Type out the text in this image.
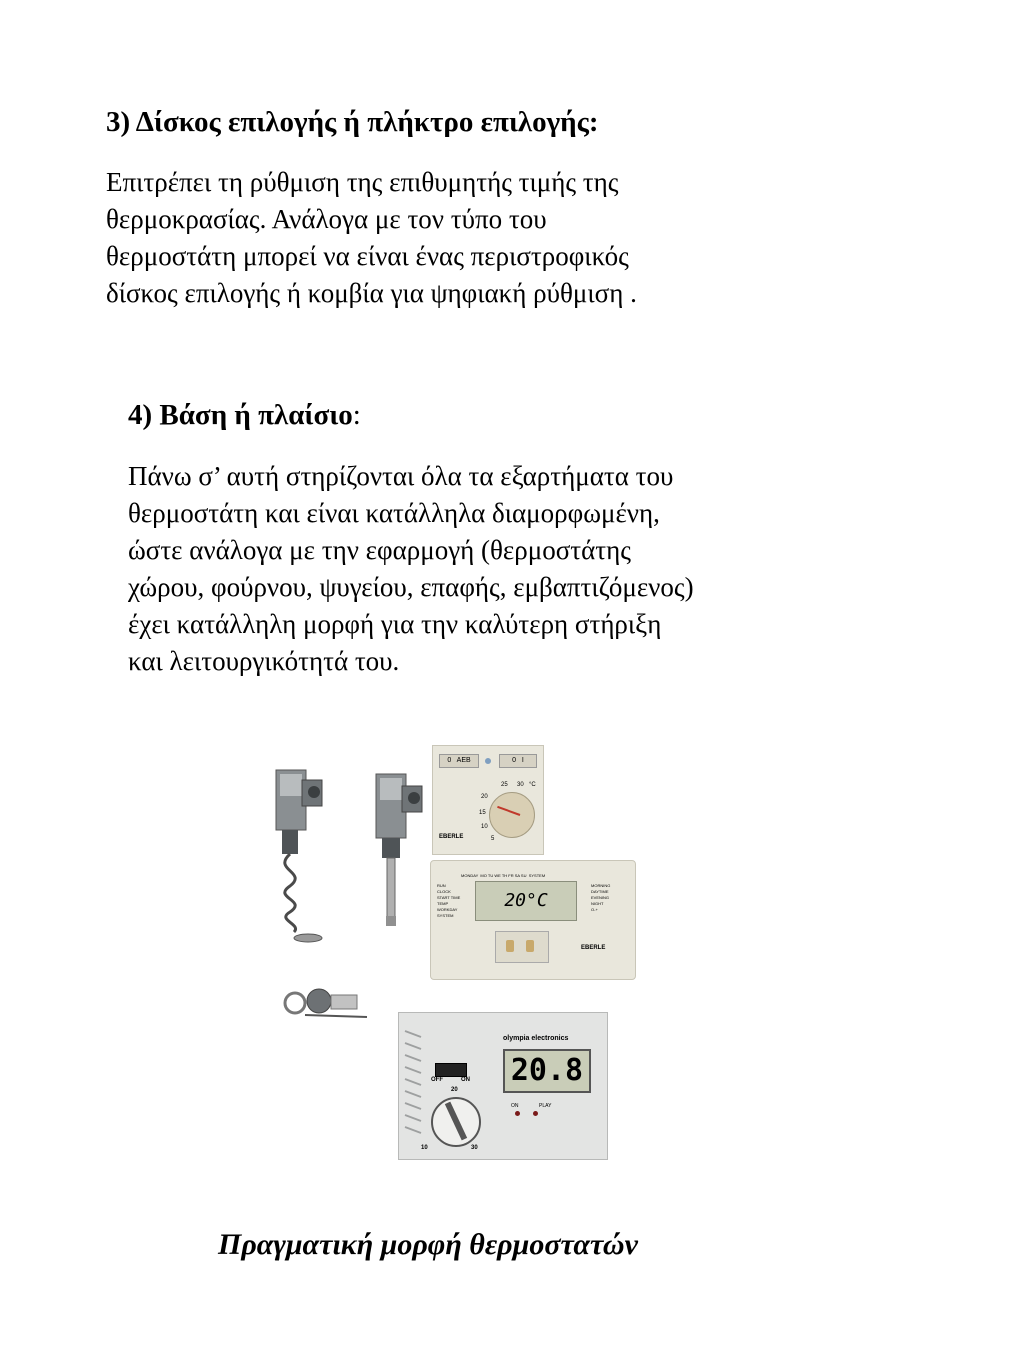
3) Δίσκος επιλογής ή πλήκτρο επιλογής:
Επιτρέπει τη ρύθμιση της επιθυμητής τιμής της
θερμοκρασίας. Ανάλογα με τον τύπο του
θερμοστάτη μπορεί να είναι ένας περιστροφικός
δίσκος επιλογής ή κομβία για ψηφιακή ρύθμιση .
4) Βάση ή πλαίσιο:
Πάνω σ’ αυτή στηρίζονται όλα τα εξαρτήματα του
θερμοστάτη και είναι κατάλληλα διαμορφωμένη,
ώστε ανάλογα με την εφαρμογή (θερμοστάτης
χώρου, φούρνου, ψυγείου, επαφής, εμβαπτιζόμενος)
έχει κατάλληλη μορφή για την καλύτερη στήριξη
και λειτουργικότητά του.
0   AEB	0   I
25 30 °C
20
15
10
5
EBERLE
MONDAY  MO TU WE TH FR SA SU  SYSTEM
RUN
CLOCK
START TIME
TEMP
WORKDAY
SYSTEM
20°C
MORNING
DAYTIME
EVENING
NIGHT
O-+
EBERLE
olympia electronics
20.8
OFF	ON
ON	PLAY
20
10	30
Πραγματική μορφή θερμοστατών
